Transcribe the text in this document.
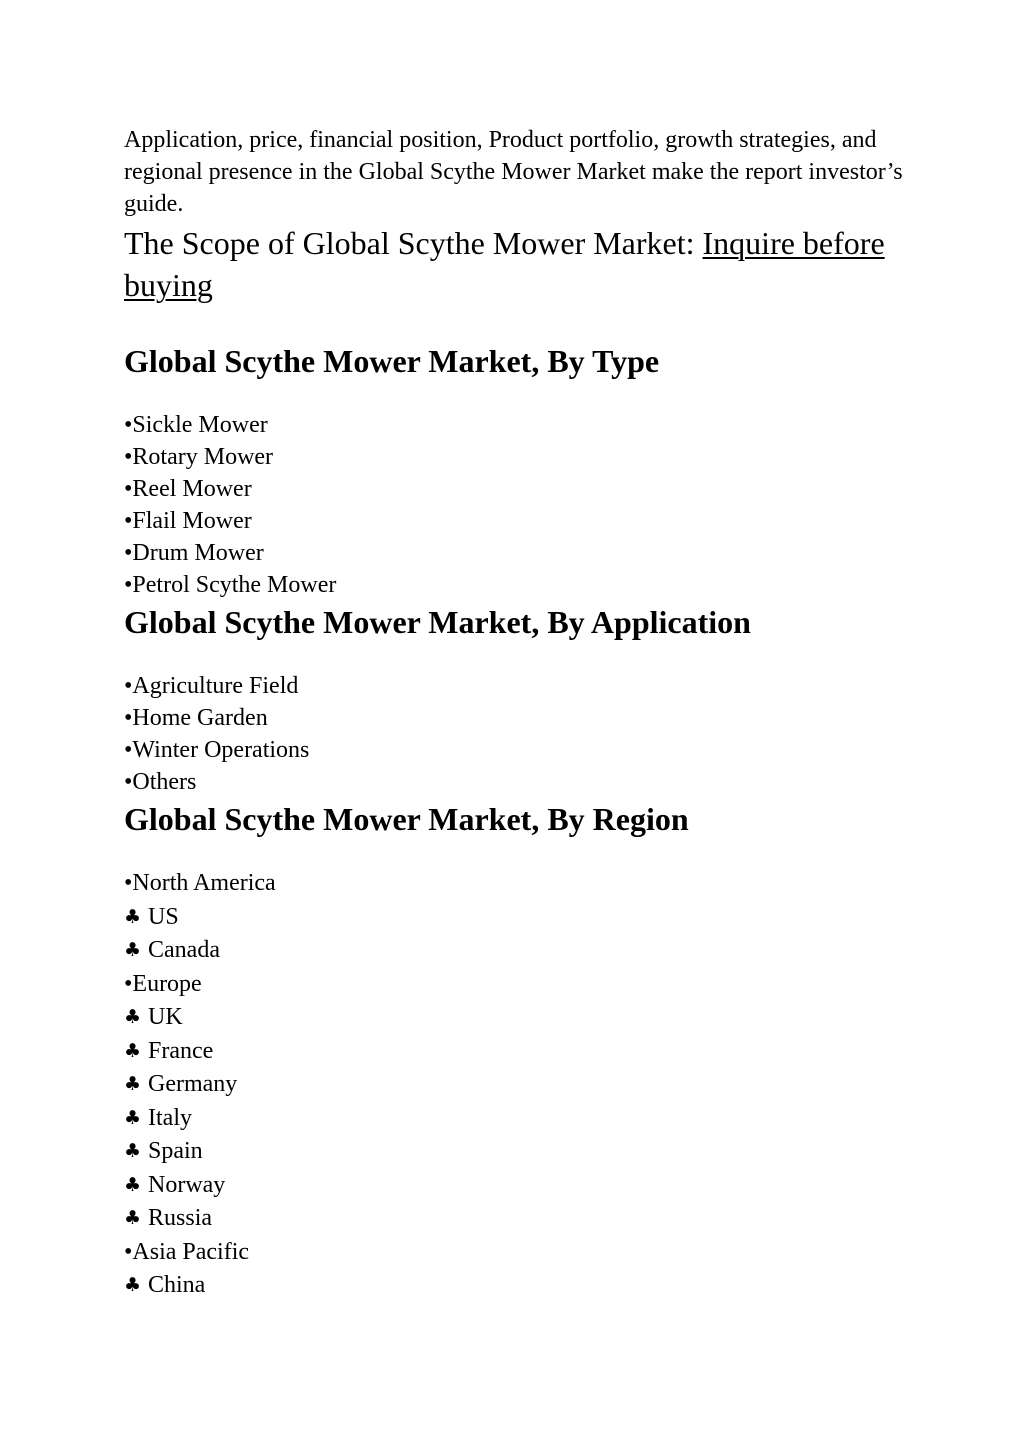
Application, price, financial position, Product portfolio, growth strategies, and regional presence in the Global Scythe Mower Market make the report investor’s guide.

The Scope of Global Scythe Mower Market: Inquire before buying

Global Scythe Mower Market, By Type
•Sickle Mower
•Rotary Mower
•Reel Mower
•Flail Mower
•Drum Mower
•Petrol Scythe Mower
Global Scythe Mower Market, By Application
•Agriculture Field
•Home Garden
•Winter Operations
•Others
Global Scythe Mower Market, By Region
•North America
♣ US
♣ Canada
•Europe
♣ UK
♣ France
♣ Germany
♣ Italy
♣ Spain
♣ Norway
♣ Russia
•Asia Pacific
♣ China
